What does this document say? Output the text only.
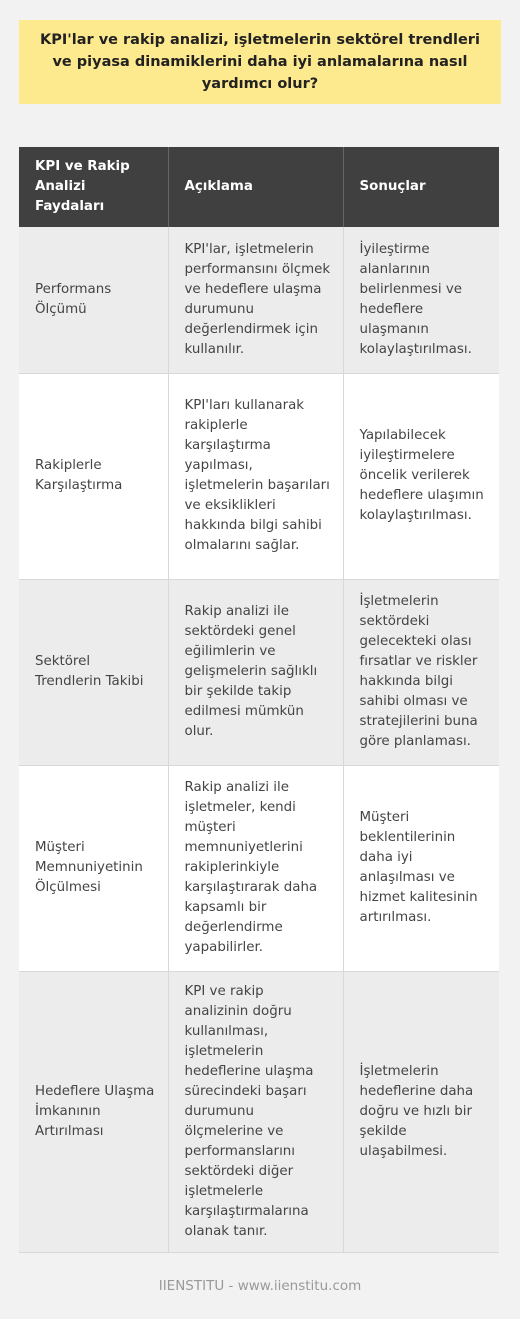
KPI'lar ve rakip analizi, işletmelerin sektörel trendleri ve piyasa dinamiklerini daha iyi anlamalarına nasıl yardımcı olur?
KPI ve Rakip Analizi Faydaları	Açıklama	Sonuçlar
Performans Ölçümü	KPI'lar, işletmelerin performansını ölçmek ve hedeflere ulaşma durumunu değerlendirmek için kullanılır.	İyileştirme alanlarının belirlenmesi ve hedeflere ulaşmanın kolaylaştırılması.
Rakiplerle Karşılaştırma	KPI'ları kullanarak rakiplerle karşılaştırma yapılması, işletmelerin başarıları ve eksiklikleri hakkında bilgi sahibi olmalarını sağlar.	Yapılabilecek iyileştirmelere öncelik verilerek hedeflere ulaşımın kolaylaştırılması.
Sektörel Trendlerin Takibi	Rakip analizi ile sektördeki genel eğilimlerin ve gelişmelerin sağlıklı bir şekilde takip edilmesi mümkün olur.	İşletmelerin sektördeki gelecekteki olası fırsatlar ve riskler hakkında bilgi sahibi olması ve stratejilerini buna göre planlaması.
Müşteri Memnuniyetinin Ölçülmesi	Rakip analizi ile işletmeler, kendi müşteri memnuniyetlerini rakiplerinkiyle karşılaştırarak daha kapsamlı bir değerlendirme yapabilirler.	Müşteri beklentilerinin daha iyi anlaşılması ve hizmet kalitesinin artırılması.
Hedeflere Ulaşma İmkanının Artırılması	KPI ve rakip analizinin doğru kullanılması, işletmelerin hedeflerine ulaşma sürecindeki başarı durumunu ölçmelerine ve performanslarını sektördeki diğer işletmelerle karşılaştırmalarına olanak tanır.	İşletmelerin hedeflerine daha doğru ve hızlı bir şekilde ulaşabilmesi.
IIENSTITU - www.iienstitu.com
